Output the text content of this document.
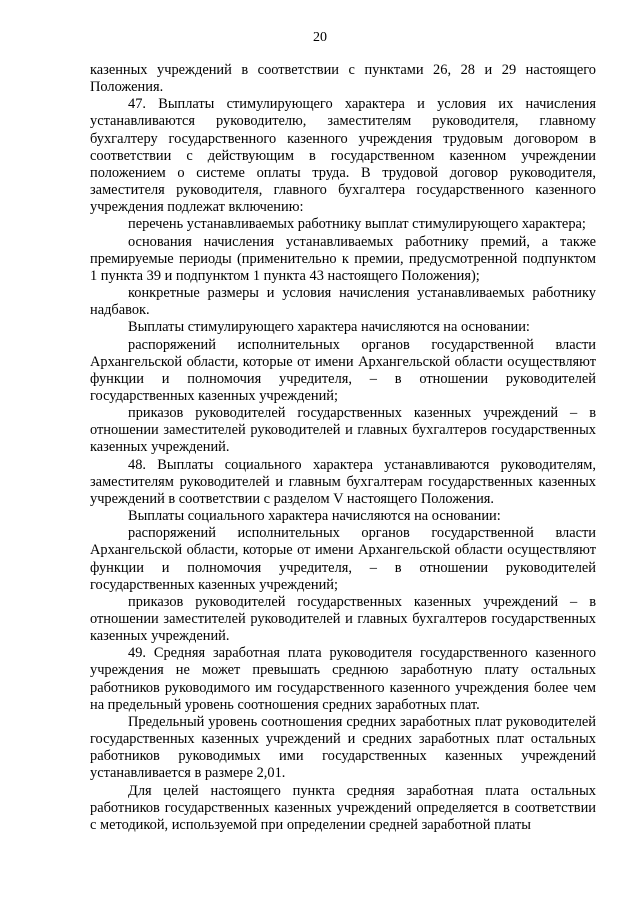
20

казенных учреждений в соответствии с пунктами 26, 28 и 29 настоящего Положения.

47. Выплаты стимулирующего характера и условия их начисления устанавливаются руководителю, заместителям руководителя, главному бухгалтеру государственного казенного учреждения трудовым договором в соответствии с действующим в государственном казенном учреждении положением о системе оплаты труда. В трудовой договор руководителя, заместителя руководителя, главного бухгалтера государственного казенного учреждения подлежат включению:

перечень устанавливаемых работнику выплат стимулирующего характера;

основания начисления устанавливаемых работнику премий, а также премируемые периоды (применительно к премии, предусмотренной подпунктом 1 пункта 39 и подпунктом 1 пункта 43 настоящего Положения);

конкретные размеры и условия начисления устанавливаемых работнику надбавок.

Выплаты стимулирующего характера начисляются на основании:

распоряжений исполнительных органов государственной власти Архангельской области, которые от имени Архангельской области осуществляют функции и полномочия учредителя, – в отношении руководителей государственных казенных учреждений;

приказов руководителей государственных казенных учреждений – в отношении заместителей руководителей и главных бухгалтеров государственных казенных учреждений.

48. Выплаты социального характера устанавливаются руководителям, заместителям руководителей и главным бухгалтерам государственных казенных учреждений в соответствии с разделом V настоящего Положения.

Выплаты социального характера начисляются на основании:

распоряжений исполнительных органов государственной власти Архангельской области, которые от имени Архангельской области осуществляют функции и полномочия учредителя, – в отношении руководителей государственных казенных учреждений;

приказов руководителей государственных казенных учреждений – в отношении заместителей руководителей и главных бухгалтеров государственных казенных учреждений.

49. Средняя заработная плата руководителя государственного казенного учреждения не может превышать среднюю заработную плату остальных работников руководимого им государственного казенного учреждения более чем на предельный уровень соотношения средних заработных плат.

Предельный уровень соотношения средних заработных плат руководителей государственных казенных учреждений и средних заработных плат остальных работников руководимых ими государственных казенных учреждений устанавливается в размере 2,01.

Для целей настоящего пункта средняя заработная плата остальных работников государственных казенных учреждений определяется в соответствии с методикой, используемой при определении средней заработной платы
